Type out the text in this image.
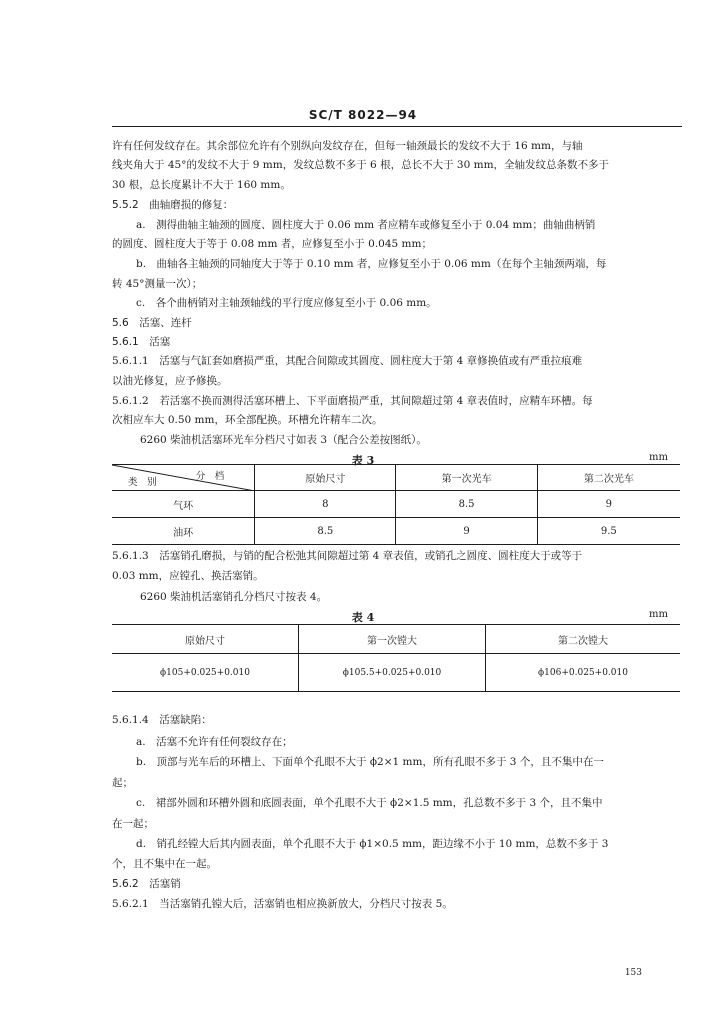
SC/T 8022—94
许有任何发纹存在。其余部位允许有个别纵向发纹存在，但每一轴颈最长的发纹不大于 16 mm，与轴
线夹角大于 45°的发纹不大于 9 mm，发纹总数不多于 6 根，总长不大于 30 mm，全轴发纹总条数不多于
30 根，总长度累计不大于 160 mm。
5.5.2　曲轴磨损的修复：
a.　测得曲轴主轴颈的圆度、圆柱度大于 0.06 mm 者应精车或修复至小于 0.04 mm；曲轴曲柄销
的圆度、圆柱度大于等于 0.08 mm 者，应修复至小于 0.045 mm；
b.　曲轴各主轴颈的同轴度大于等于 0.10 mm 者，应修复至小于 0.06 mm（在每个主轴颈两端，每
转 45°测量一次）；
c.　各个曲柄销对主轴颈轴线的平行度应修复至小于 0.06 mm。
5.6　活塞、连杆
5.6.1　活塞
5.6.1.1　活塞与气缸套如磨损严重，其配合间隙或其圆度、圆柱度大于第 4 章修换值或有严重拉痕难
以油光修复，应予修换。
5.6.1.2　若活塞不换而测得活塞环槽上、下平面磨损严重，其间隙超过第 4 章表值时，应精车环槽。每
次相应车大 0.50 mm，环全部配换。环槽允许精车二次。
6260 柴油机活塞环光车分档尺寸如表 3（配合公差按图纸）。
表 3	mm
分　档
类　别	原始尺寸	第一次光车	第二次光车
气环	8	8.5	9
油环	8.5	9	9.5
5.6.1.3　活塞销孔磨损，与销的配合松弛其间隙超过第 4 章表值，或销孔之圆度、圆柱度大于或等于
0.03 mm，应镗孔、换活塞销。
6260 柴油机活塞销孔分档尺寸按表 4。
表 4	mm
原始尺寸	第一次镗大	第二次镗大
ϕ105+0.025+0.010	ϕ105.5+0.025+0.010	ϕ106+0.025+0.010
5.6.1.4　活塞缺陷：
a.　活塞不允许有任何裂纹存在；
b.　顶部与光车后的环槽上、下面单个孔眼不大于 ϕ2×1 mm，所有孔眼不多于 3 个，且不集中在一
起；
c.　裙部外圆和环槽外圆和底圆表面，单个孔眼不大于 ϕ2×1.5 mm，孔总数不多于 3 个，且不集中
在一起；
d.　销孔经镗大后其内圆表面，单个孔眼不大于 ϕ1×0.5 mm，距边缘不小于 10 mm，总数不多于 3
个，且不集中在一起。
5.6.2　活塞销
5.6.2.1　当活塞销孔镗大后，活塞销也相应换新放大，分档尺寸按表 5。
153
